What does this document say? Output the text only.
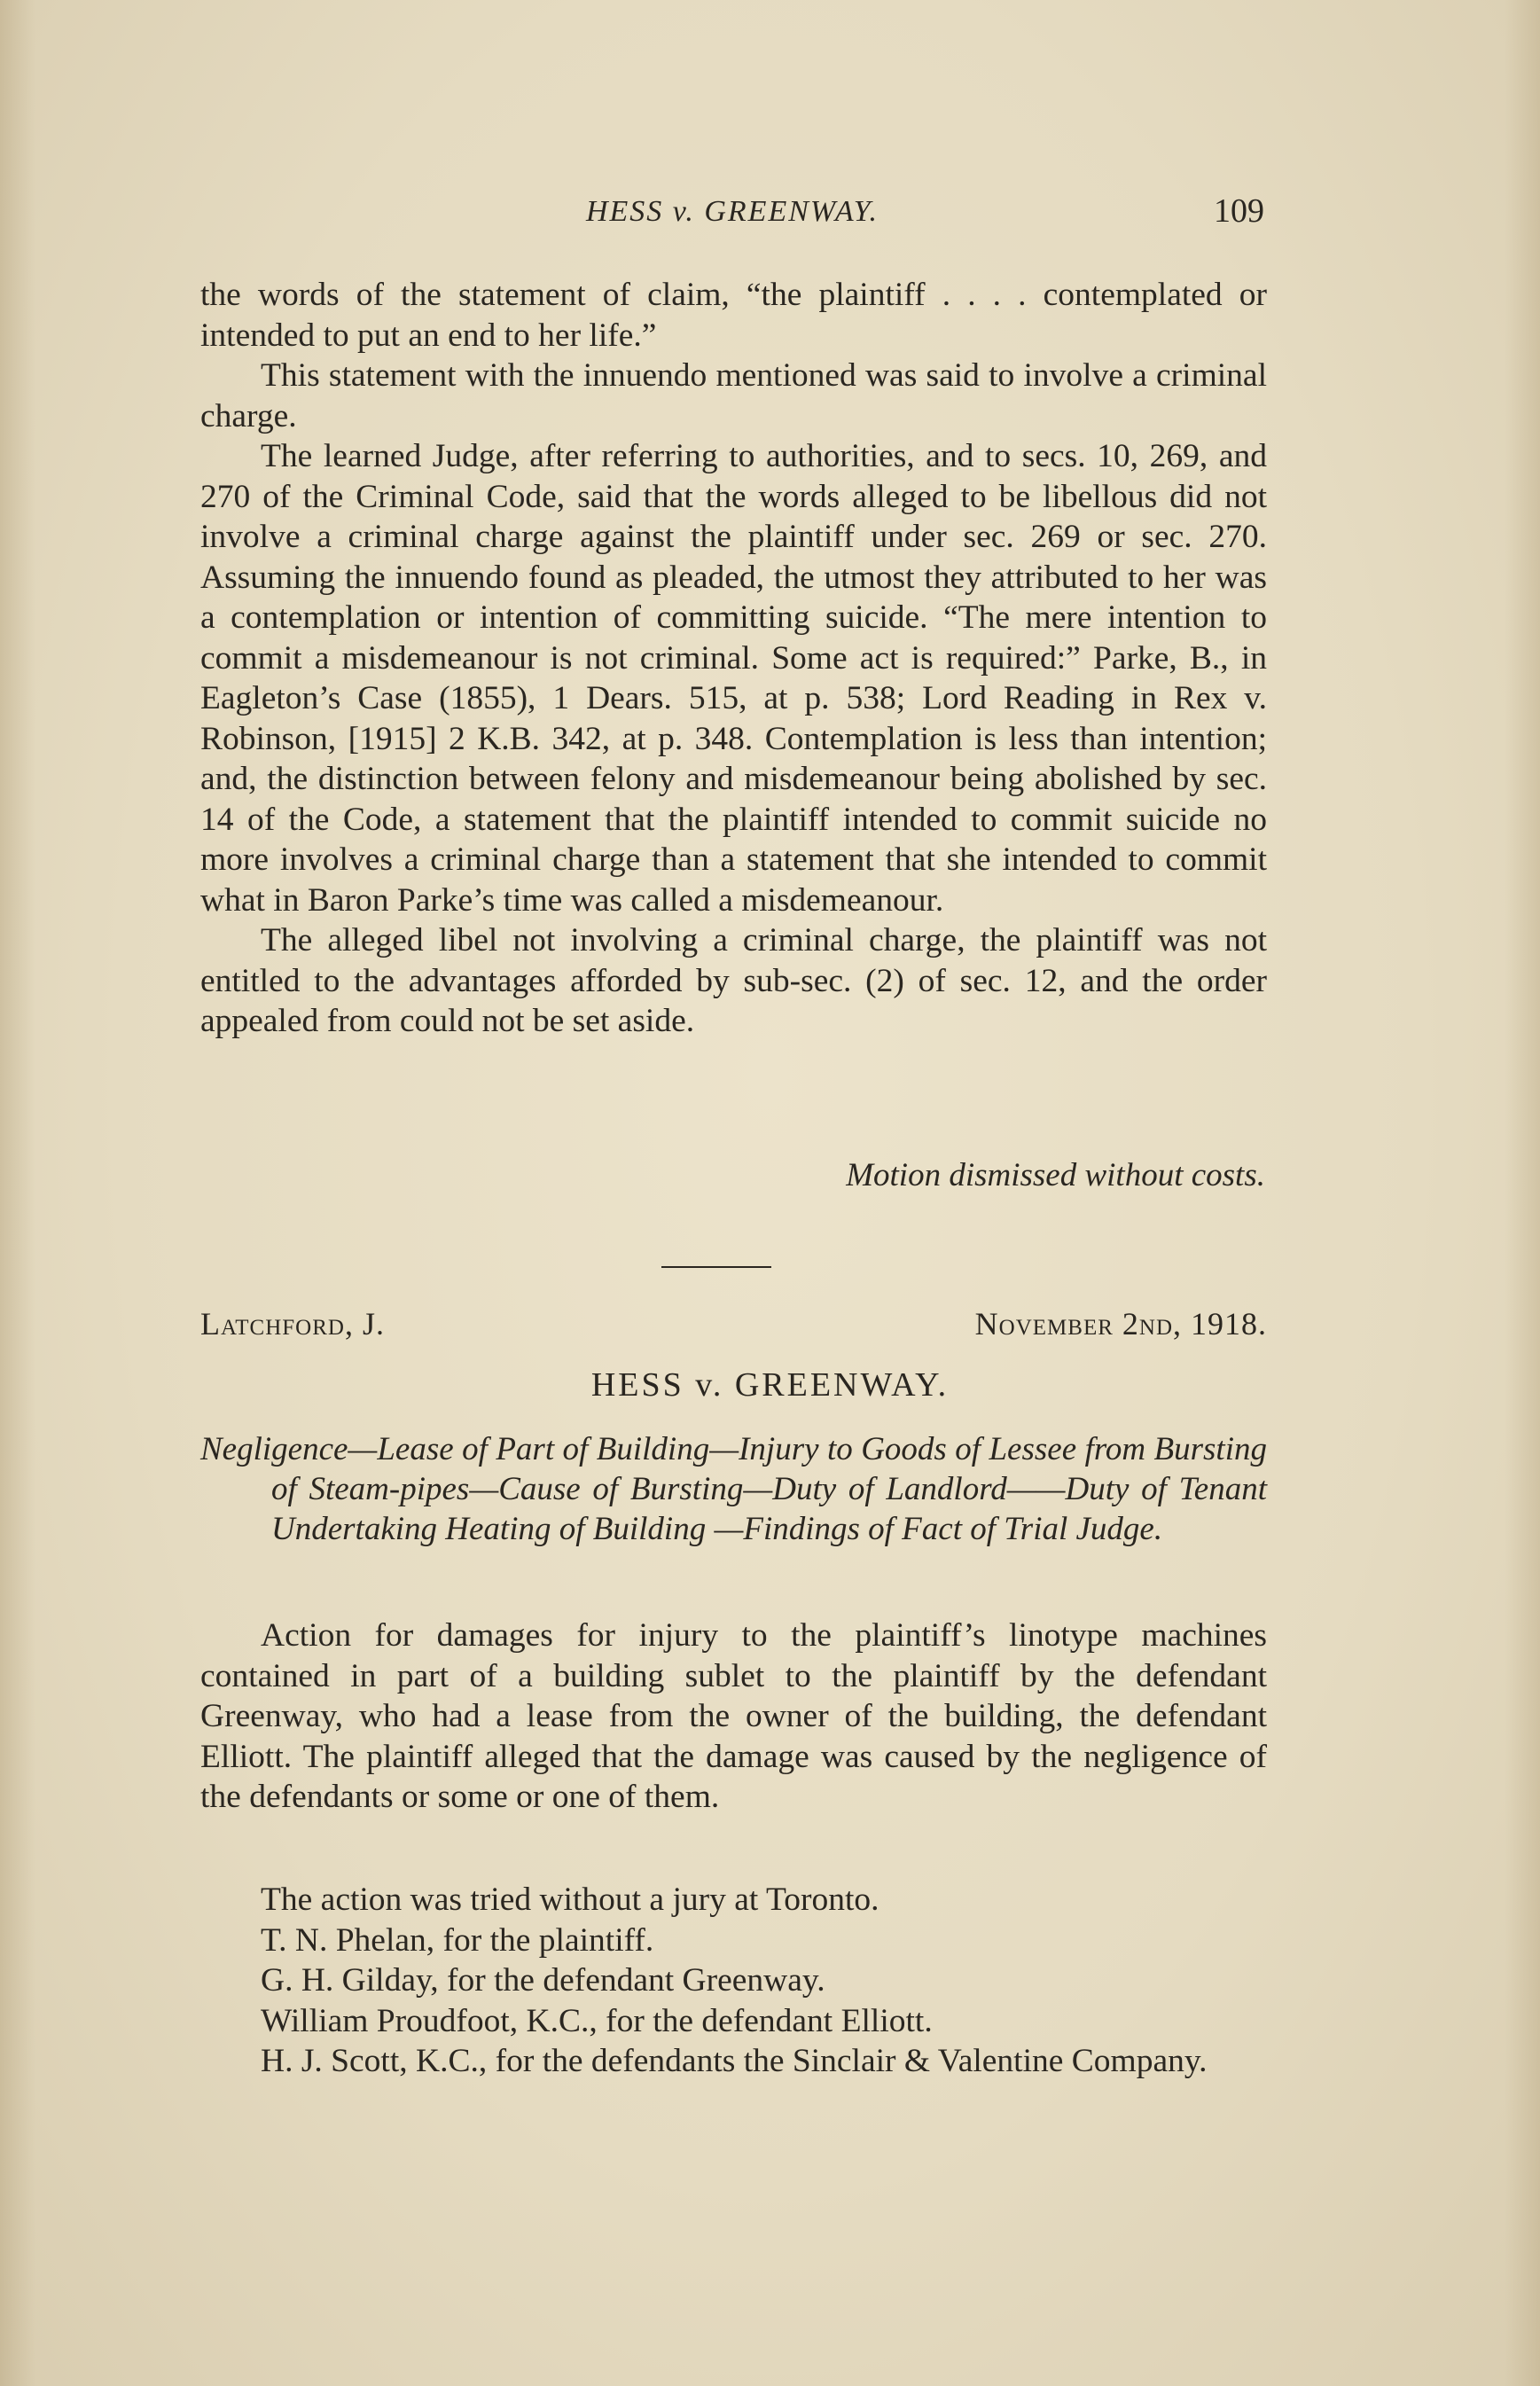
HESS v. GREENWAY.	109

the words of the statement of claim, “the plaintiff . . . . contemplated or intended to put an end to her life.”

This statement with the innuendo mentioned was said to involve a criminal charge.

The learned Judge, after referring to authorities, and to secs. 10, 269, and 270 of the Criminal Code, said that the words alleged to be libellous did not involve a criminal charge against the plaintiff under sec. 269 or sec. 270. Assuming the innuendo found as pleaded, the utmost they attributed to her was a contemplation or intention of committing suicide. “The mere intention to commit a misdemeanour is not criminal. Some act is required:” Parke, B., in Eagleton’s Case (1855), 1 Dears. 515, at p. 538; Lord Reading in Rex v. Robinson, [1915] 2 K.B. 342, at p. 348. Contemplation is less than intention; and, the distinction between felony and misdemeanour being abolished by sec. 14 of the Code, a statement that the plaintiff intended to commit suicide no more involves a criminal charge than a statement that she intended to commit what in Baron Parke’s time was called a misdemeanour.

The alleged libel not involving a criminal charge, the plaintiff was not entitled to the advantages afforded by sub-sec. (2) of sec. 12, and the order appealed from could not be set aside.

Motion dismissed without costs.
Latchford, J.	November 2nd, 1918.
HESS v. GREENWAY.
Negligence—Lease of Part of Building—Injury to Goods of Lessee from Bursting of Steam-pipes—Cause of Bursting—Duty of Landlord——Duty of Tenant Undertaking Heating of Building —Findings of Fact of Trial Judge.

Action for damages for injury to the plaintiff’s linotype machines contained in part of a building sublet to the plaintiff by the defendant Greenway, who had a lease from the owner of the building, the defendant Elliott. The plaintiff alleged that the damage was caused by the negligence of the defendants or some or one of them.

The action was tried without a jury at Toronto.

T. N. Phelan, for the plaintiff.

G. H. Gilday, for the defendant Greenway.

William Proudfoot, K.C., for the defendant Elliott.

H. J. Scott, K.C., for the defendants the Sinclair & Valentine Company.
